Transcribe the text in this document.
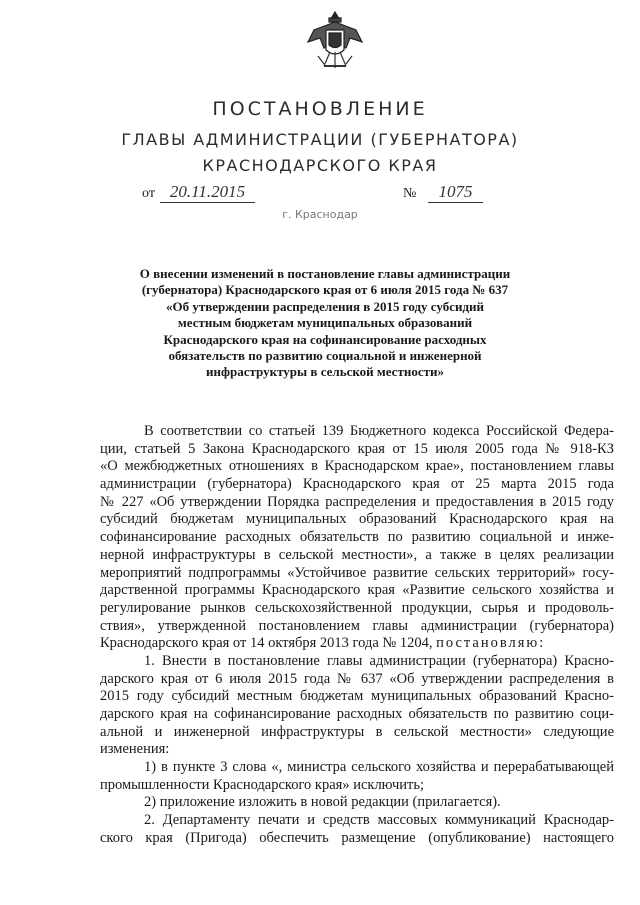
ПОСТАНОВЛЕНИЕ
ГЛАВЫ АДМИНИСТРАЦИИ (ГУБЕРНАТОРА)
КРАСНОДАРСКОГО КРАЯ
от 20.11.2015	№	1075
г. Краснодар
О внесении изменений в постановление главы администрации
(губернатора) Краснодарского края от 6 июля 2015 года № 637
«Об утверждении распределения в 2015 году субсидий
местным бюджетам муниципальных образований
Краснодарского края на софинансирование расходных
обязательств по развитию социальной и инженерной
инфраструктуры в сельской местности»
В соответствии со статьей 139 Бюджетного кодекса Российской Федера-
ции, статьей 5 Закона Краснодарского края от 15 июля 2005 года № 918-КЗ
«О межбюджетных отношениях в Краснодарском крае», постановлением главы
администрации (губернатора) Краснодарского края от 25 марта 2015 года
№ 227 «Об утверждении Порядка распределения и предоставления в 2015 году
субсидий бюджетам муниципальных образований Краснодарского края на
софинансирование расходных обязательств по развитию социальной и инже-
нерной инфраструктуры в сельской местности», а также в целях реализации
мероприятий подпрограммы «Устойчивое развитие сельских территорий» госу-
дарственной программы Краснодарского края «Развитие сельского хозяйства и
регулирование рынков сельскохозяйственной продукции, сырья и продоволь-
ствия», утвержденной постановлением главы администрации (губернатора)
Краснодарского края от 14 октября 2013 года № 1204, постановляю:
1. Внести в постановление главы администрации (губернатора) Красно-
дарского края от 6 июля 2015 года № 637 «Об утверждении распределения в
2015 году субсидий местным бюджетам муниципальных образований Красно-
дарского края на софинансирование расходных обязательств по развитию соци-
альной и инженерной инфраструктуры в сельской местности» следующие
изменения:
1) в пункте 3 слова «, министра сельского хозяйства и перерабатывающей
промышленности Краснодарского края» исключить;
2) приложение изложить в новой редакции (прилагается).
2. Департаменту печати и средств массовых коммуникаций Краснодар-
ского края (Пригода) обеспечить размещение (опубликование) настоящего
